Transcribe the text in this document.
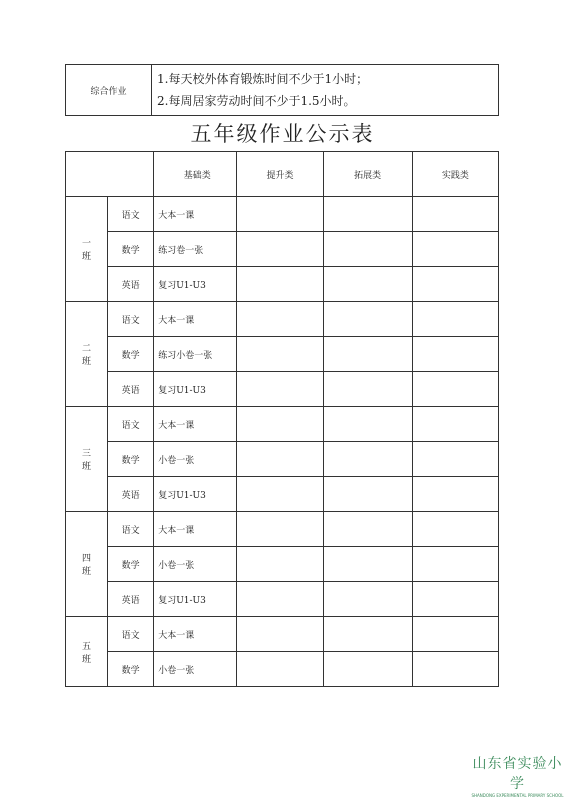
综合作业	
1.每天校外体育锻炼时间不少于1小时；
2.每周居家劳动时间不少于1.5小时。
五年级作业公示表
		基础类	提升类	拓展类	实践类
一
班	语文	大本一课			
	数学	练习卷一张			
	英语	复习U1-U3			
二
班	语文	大本一课			
	数学	练习小卷一张			
	英语	复习U1-U3			
三
班	语文	大本一课			
	数学	小卷一张			
	英语	复习U1-U3			
四
班	语文	大本一课			
	数学	小卷一张			
	英语	复习U1-U3			
五
班	语文	大本一课			
	数学	小卷一张			
山东省实验小学
SHANDONG EXPERIMENTAL PRIMARY SCHOOL
